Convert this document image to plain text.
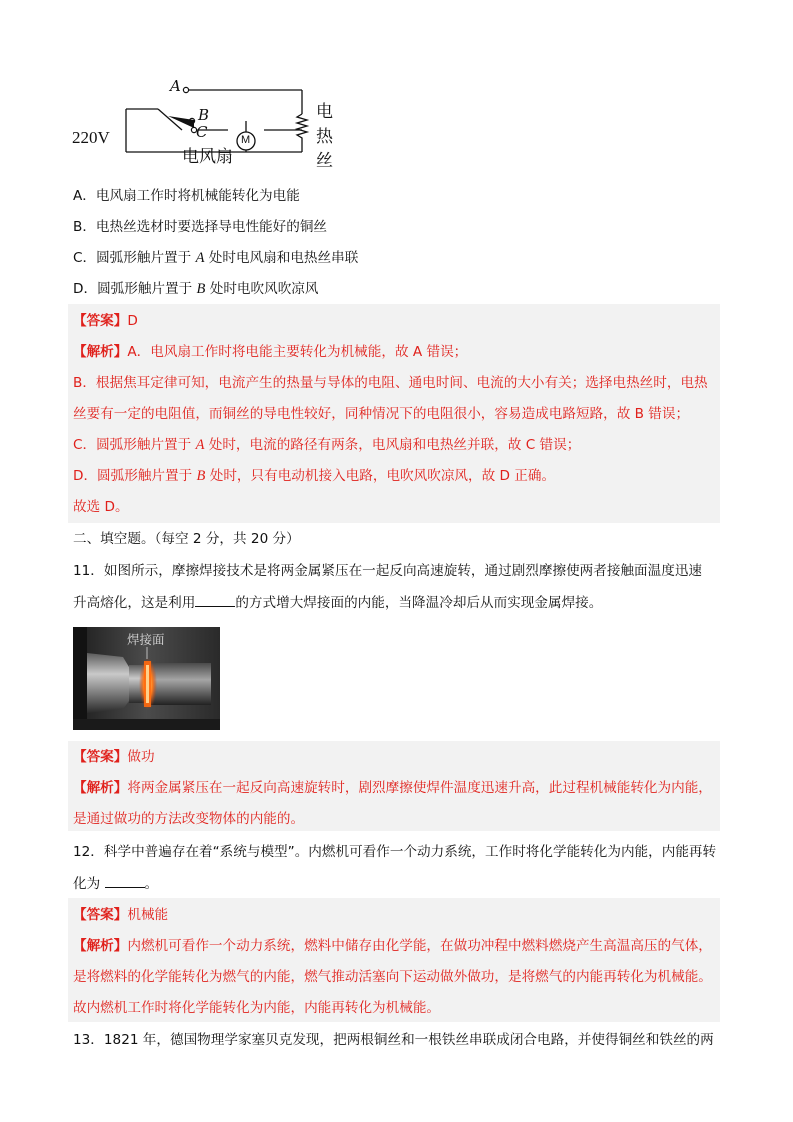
A
B
C
220V
电风扇
M
电
热
丝
A．电风扇工作时将机械能转化为电能
B．电热丝选材时要选择导电性能好的铜丝
C．圆弧形触片置于 A 处时电风扇和电热丝串联
D．圆弧形触片置于 B 处时电吹风吹凉风
【答案】D
【解析】A．电风扇工作时将电能主要转化为机械能，故 A 错误；
B．根据焦耳定律可知，电流产生的热量与导体的电阻、通电时间、电流的大小有关；选择电热丝时，电热
丝要有一定的电阻值，而铜丝的导电性较好，同种情况下的电阻很小，容易造成电路短路，故 B 错误；
C．圆弧形触片置于 A 处时，电流的路径有两条，电风扇和电热丝并联，故 C 错误；
D．圆弧形触片置于 B 处时，只有电动机接入电路，电吹风吹凉风，故 D 正确。
故选 D。
二、填空题。（每空 2 分，共 20 分）
11．如图所示，摩擦焊接技术是将两金属紧压在一起反向高速旋转，通过剧烈摩擦使两者接触面温度迅速
升高熔化，这是利用	的方式增大焊接面的内能，当降温冷却后从而实现金属焊接。
焊接面
【答案】做功
【解析】将两金属紧压在一起反向高速旋转时，剧烈摩擦使焊件温度迅速升高，此过程机械能转化为内能，
是通过做功的方法改变物体的内能的。
12．科学中普遍存在着“系统与模型”。内燃机可看作一个动力系统，工作时将化学能转化为内能，内能再转
化为	。
【答案】机械能
【解析】内燃机可看作一个动力系统，燃料中储存由化学能，在做功冲程中燃料燃烧产生高温高压的气体，
是将燃料的化学能转化为燃气的内能，燃气推动活塞向下运动做外做功，是将燃气的内能再转化为机械能。
故内燃机工作时将化学能转化为内能，内能再转化为机械能。
13．1821 年，德国物理学家塞贝克发现，把两根铜丝和一根铁丝串联成闭合电路，并使得铜丝和铁丝的两
